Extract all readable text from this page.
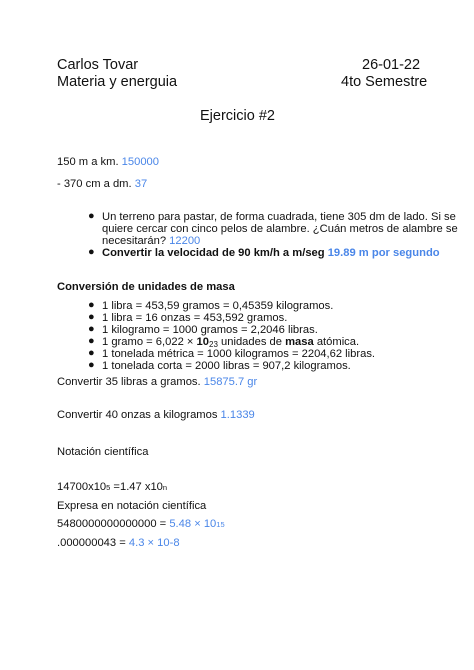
Carlos Tovar	26-01-22
Materia y energuia	4to Semestre
Ejercicio #2
150 m a km. 150000
- 370 cm a dm. 37
● Un terreno para pastar, de forma cuadrada, tiene 305 dm de lado. Si se
quiere cercar con cinco pelos de alambre. ¿Cuán metros de alambre se
necesitarán? 12200
● Convertir la velocidad de 90 km/h a m/seg 19.89 m por segundo
Conversión de unidades de masa
● 1 libra = 453,59 gramos = 0,45359 kilogramos.
● 1 libra = 16 onzas = 453,592 gramos.
● 1 kilogramo = 1000 gramos = 2,2046 libras.
● 1 gramo = 6,022 × 1023 unidades de masa atómica.
● 1 tonelada métrica = 1000 kilogramos = 2204,62 libras.
● 1 tonelada corta = 2000 libras = 907,2 kilogramos.
Convertir 35 libras a gramos. 15875.7 gr
Convertir 40 onzas a kilogramos 1.1339
Notación científica
14700x105 =1.47 x10n
Expresa en notación científica
5480000000000000 = 5.48 × 1015
.000000043 = 4.3 × 10-8
